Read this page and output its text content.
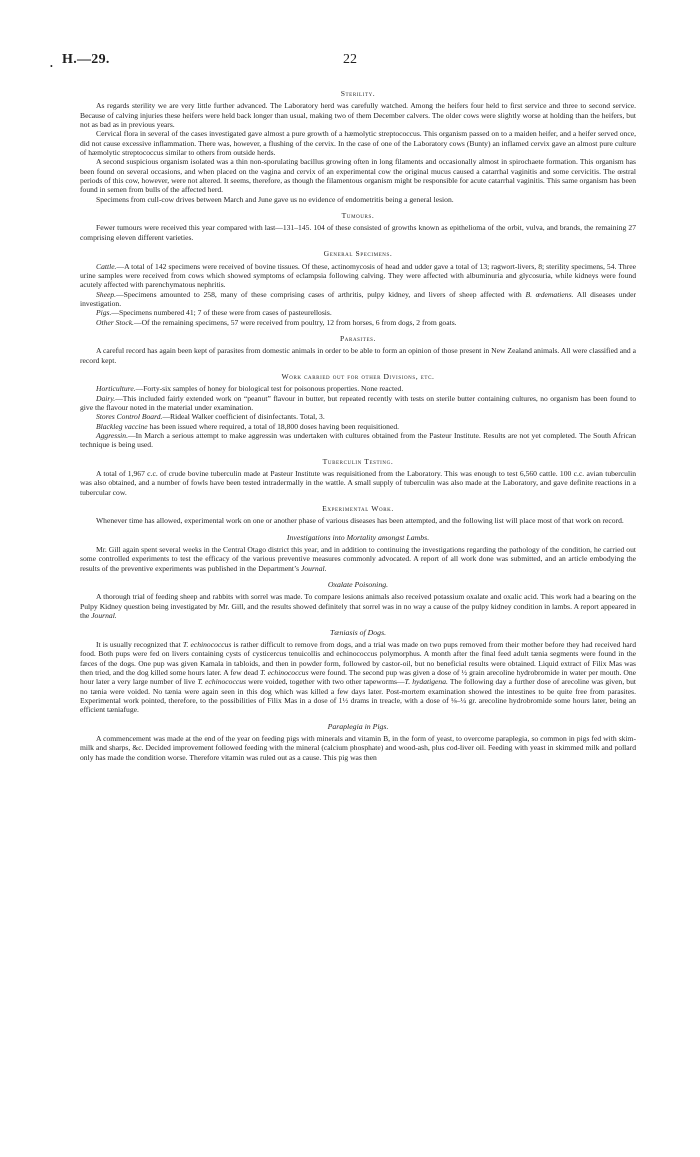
• H.—29.	22
Sterility.

As regards sterility we are very little further advanced. The Laboratory herd was carefully watched. Among the heifers four held to first service and three to second service. Because of calving injuries these heifers were held back longer than usual, making two of them December calvers. The older cows were slightly worse at holding than the heifers, but not as bad as in previous years.

Cervical flora in several of the cases investigated gave almost a pure growth of a hæmolytic streptococcus. This organism passed on to a maiden heifer, and a heifer served once, did not cause excessive inflammation. There was, however, a flushing of the cervix. In the case of one of the Laboratory cows (Bunty) an inflamed cervix gave an almost pure culture of hæmolytic streptococcus similar to others from outside herds.

A second suspicious organism isolated was a thin non-sporulating bacillus growing often in long filaments and occasionally almost in spirochaete formation. This organism has been found on several occasions, and when placed on the vagina and cervix of an experimental cow the original mucus caused a catarrhal vaginitis and some cervicitis. The œstral periods of this cow, however, were not altered. It seems, therefore, as though the filamentous organism might be responsible for acute catarrhal vaginitis. This same organism has been found in semen from bulls of the affected herd.

Specimens from cull-cow drives between March and June gave us no evidence of endometritis being a general lesion.

Tumours.

Fewer tumours were received this year compared with last—131–145. 104 of these consisted of growths known as epithelioma of the orbit, vulva, and brands, the remaining 27 comprising eleven different varieties.

General Specimens.

Cattle.—A total of 142 specimens were received of bovine tissues. Of these, actinomycosis of head and udder gave a total of 13; ragwort-livers, 8; sterility specimens, 54. Three urine samples were received from cows which showed symptoms of eclampsia following calving. They were affected with albuminuria and glycosuria, while kidneys were found acutely affected with parenchymatous nephritis.

Sheep.—Specimens amounted to 258, many of these comprising cases of arthritis, pulpy kidney, and livers of sheep affected with B. œdematiens. All diseases under investigation.

Pigs.—Specimens numbered 41; 7 of these were from cases of pasteurellosis.

Other Stock.—Of the remaining specimens, 57 were received from poultry, 12 from horses, 6 from dogs, 2 from goats.

Parasites.

A careful record has again been kept of parasites from domestic animals in order to be able to form an opinion of those present in New Zealand animals. All were classified and a record kept.

Work carried out for other Divisions, etc.

Horticulture.—Forty-six samples of honey for biological test for poisonous properties. None reacted.

Dairy.—This included fairly extended work on “peanut” flavour in butter, but repeated recently with tests on sterile butter containing cultures, no organism has been found to give the flavour noted in the material under examination.

Stores Control Board.—Rideal Walker coefficient of disinfectants. Total, 3.

Blackleg vaccine has been issued where required, a total of 18,800 doses having been requisitioned.

Aggressin.—In March a serious attempt to make aggressin was undertaken with cultures obtained from the Pasteur Institute. Results are not yet completed. The South African technique is being used.

Tuberculin Testing.

A total of 1,967 c.c. of crude bovine tuberculin made at Pasteur Institute was requisitioned from the Laboratory. This was enough to test 6,560 cattle. 100 c.c. avian tuberculin was also obtained, and a number of fowls have been tested intradermally in the wattle. A small supply of tuberculin was also made at the Laboratory, and gave definite reactions in a tubercular cow.

Experimental Work.

Whenever time has allowed, experimental work on one or another phase of various diseases has been attempted, and the following list will place most of that work on record.

Investigations into Mortality amongst Lambs.

Mr. Gill again spent several weeks in the Central Otago district this year, and in addition to continuing the investigations regarding the pathology of the condition, he carried out some controlled experiments to test the efficacy of the various preventive measures commonly advocated. A report of all work done was submitted, and an article embodying the results of the preventive experiments was published in the Department’s Journal.

Oxalate Poisoning.

A thorough trial of feeding sheep and rabbits with sorrel was made. To compare lesions animals also received potassium oxalate and oxalic acid. This work had a bearing on the Pulpy Kidney question being investigated by Mr. Gill, and the results showed definitely that sorrel was in no way a cause of the pulpy kidney condition in lambs. A report appeared in the Journal.

Tæniasis of Dogs.

It is usually recognized that T. echinococcus is rather difficult to remove from dogs, and a trial was made on two pups removed from their mother before they had received hard food. Both pups were fed on livers containing cysts of cysticercus tenuicollis and echinococcus polymorphus. A month after the final feed adult tænia segments were found in the fæces of the dogs. One pup was given Kamala in tabloids, and then in powder form, followed by castor-oil, but no beneficial results were obtained. Liquid extract of Filix Mas was then tried, and the dog killed some hours later. A few dead T. echinococcus were found. The second pup was given a dose of ½ grain arecoline hydrobromide in water per mouth. One hour later a very large number of live T. echinococcus were voided, together with two other tapeworms—T. hydatigena. The following day a further dose of arecoline was given, but no tænia were voided. No tænia were again seen in this dog which was killed a few days later. Post-mortem examination showed the intestines to be quite free from parasites. Experimental work pointed, therefore, to the possibilities of Filix Mas in a dose of 1½ drams in treacle, with a dose of ⅛–¼ gr. arecoline hydrobromide some hours later, being an efficient tæniafuge.

Paraplegia in Pigs.

A commencement was made at the end of the year on feeding pigs with minerals and vitamin B, in the form of yeast, to overcome paraplegia, so common in pigs fed with skim-milk and sharps, &c. Decided improvement followed feeding with the mineral (calcium phosphate) and wood-ash, plus cod-liver oil. Feeding with yeast in skimmed milk and pollard only has made the condition worse. Therefore vitamin was ruled out as a cause. This pig was then
